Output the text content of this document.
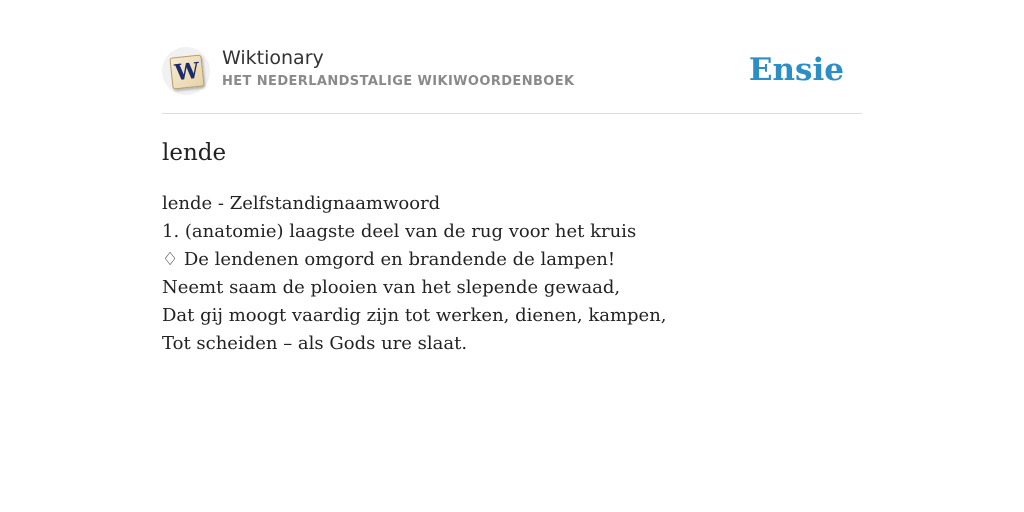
W Wiktionary
HET NEDERLANDSTALIGE WIKIWOORDENBOEK	Ensie
lende
lende - Zelfstandignaamwoord
1. (anatomie) laagste deel van de rug voor het kruis
♢ De lendenen omgord en brandende de lampen!
Neemt saam de plooien van het slepende gewaad,
Dat gij moogt vaardig zijn tot werken, dienen, kampen,
Tot scheiden – als Gods ure slaat.
